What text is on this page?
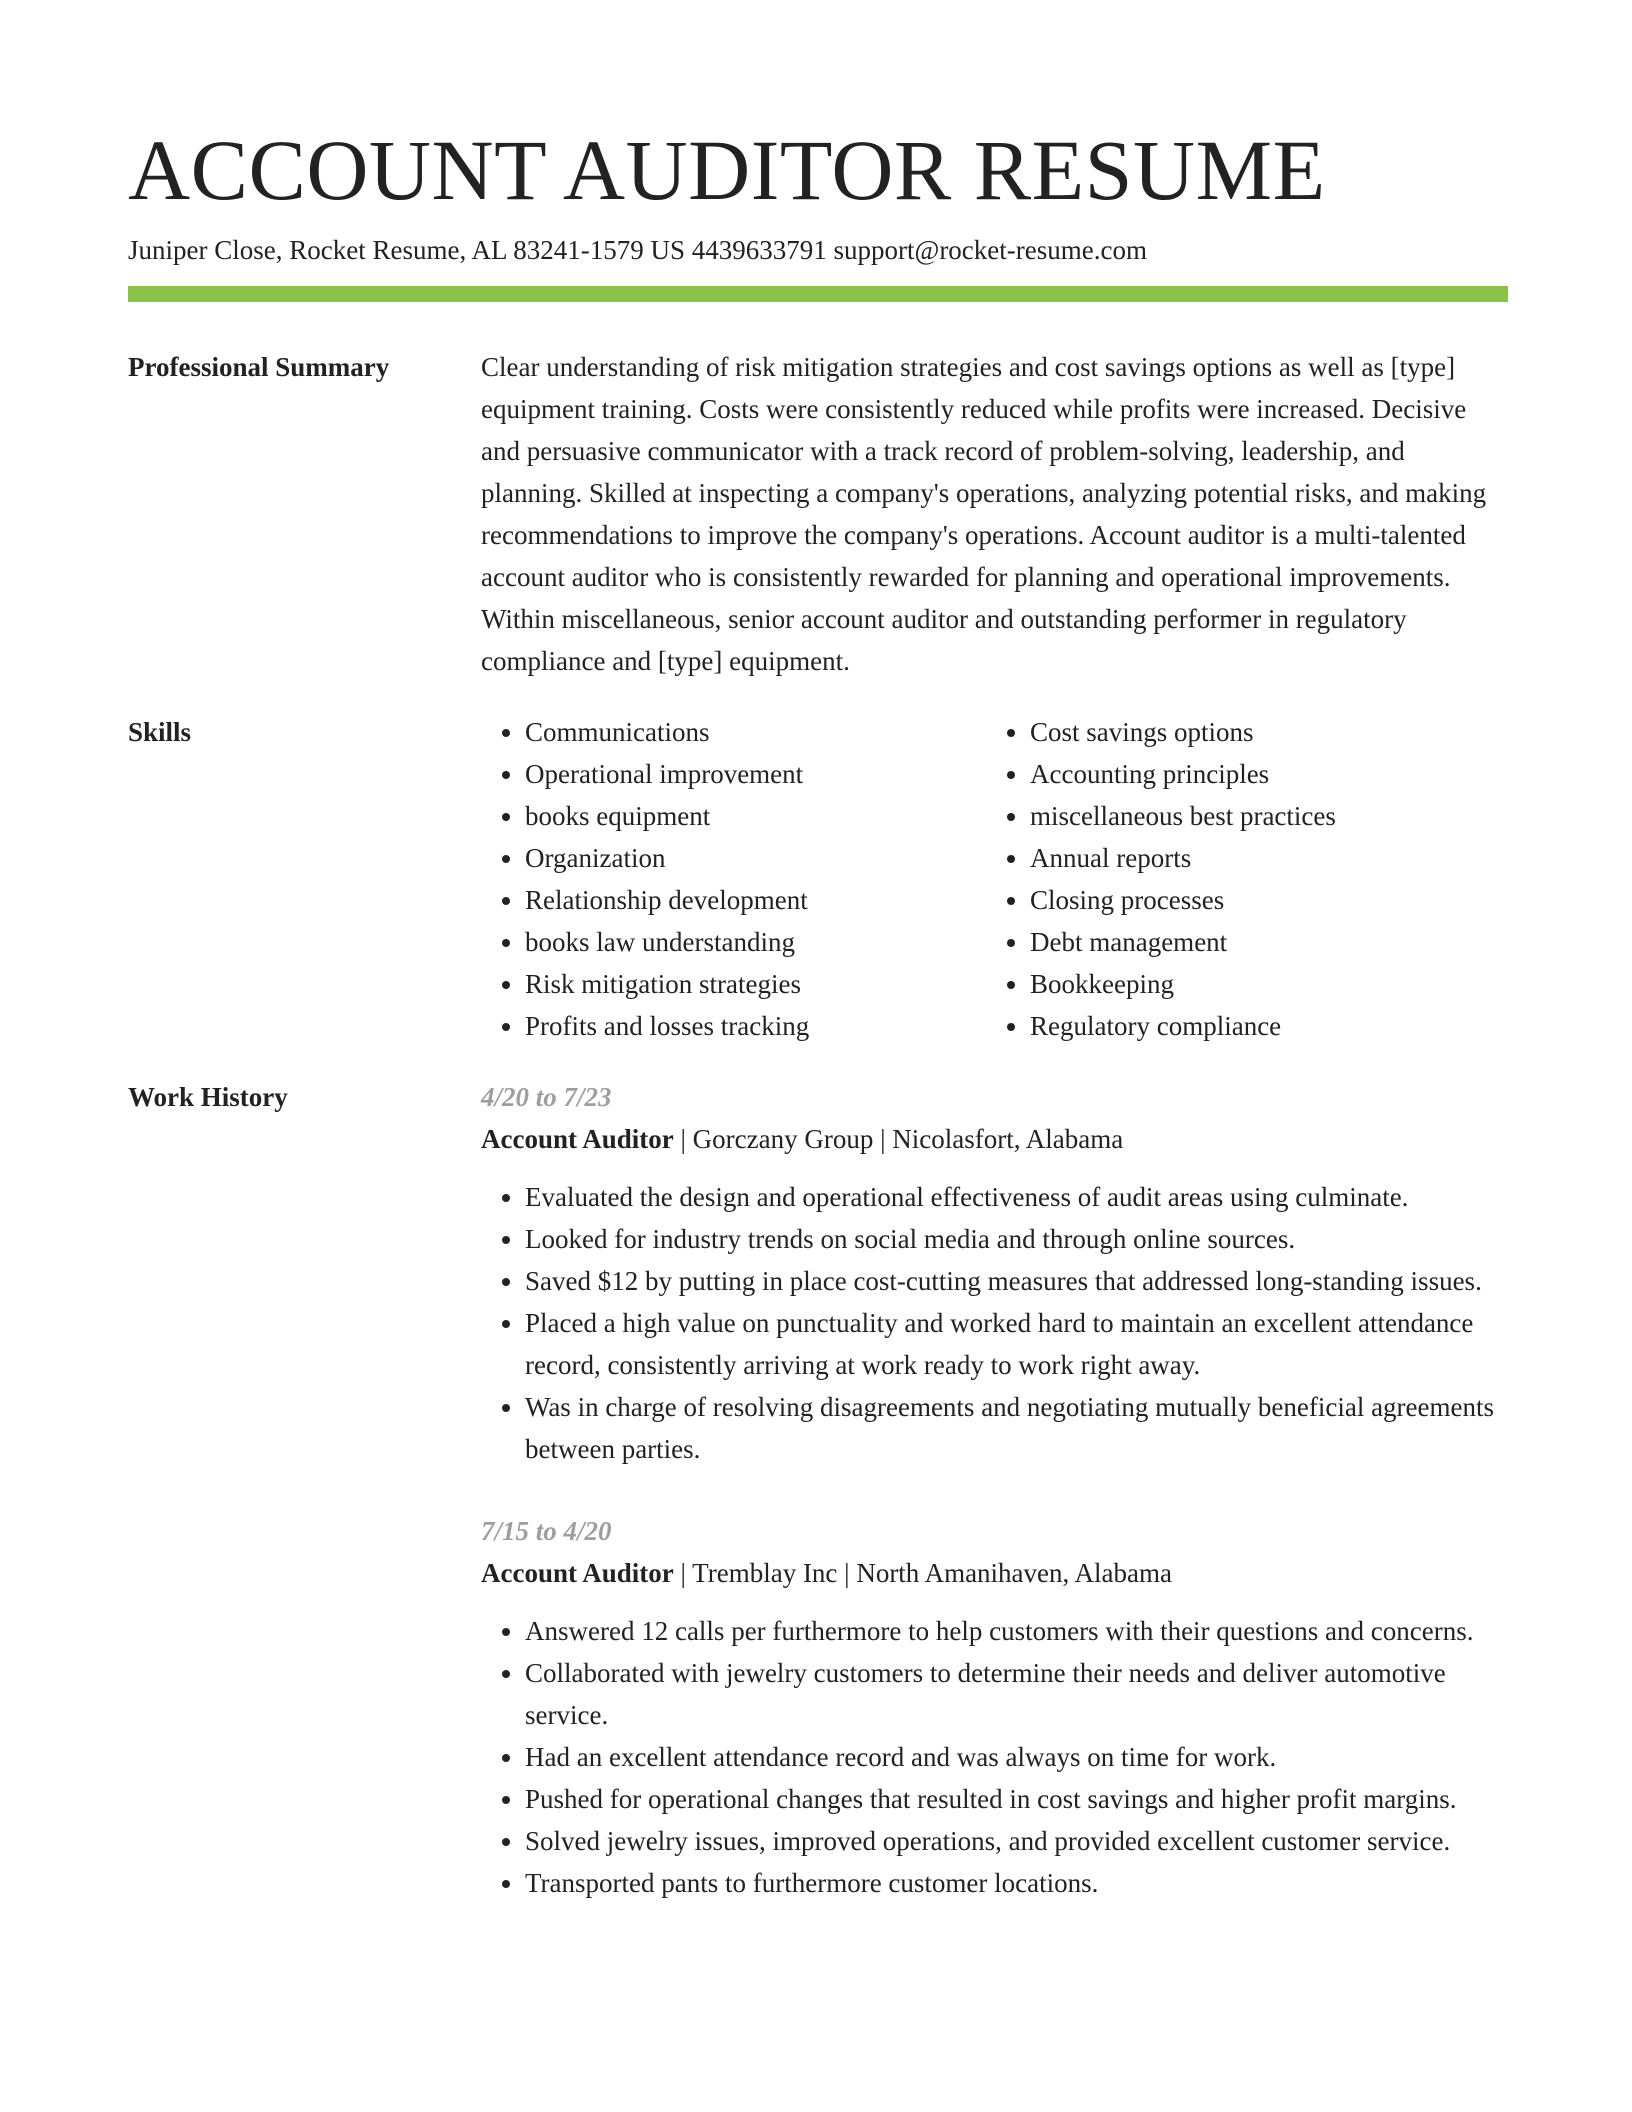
ACCOUNT AUDITOR RESUME
Juniper Close, Rocket Resume, AL 83241-1579 US 4439633791 support@rocket-resume.com
Professional Summary	Clear understanding of risk mitigation strategies and cost savings options as well as [type] equipment training. Costs were consistently reduced while profits were increased. Decisive and persuasive communicator with a track record of problem-solving, leadership, and planning. Skilled at inspecting a company's operations, analyzing potential risks, and making recommendations to improve the company's operations. Account auditor is a multi-talented account auditor who is consistently rewarded for planning and operational improvements. Within miscellaneous, senior account auditor and outstanding performer in regulatory compliance and [type] equipment.

Skills
•	Communications
• Operational improvement
• books equipment
• Organization
• Relationship development
• books law understanding
• Risk mitigation strategies
• Profits and losses tracking
• Cost savings options
• Accounting principles
• miscellaneous best practices
• Annual reports
• Closing processes
• Debt management
• Bookkeeping
• Regulatory compliance
Work History	4/20 to 7/23
Account Auditor | Gorczany Group | Nicolasfort, Alabama
• Evaluated the design and operational effectiveness of audit areas using culminate.
• Looked for industry trends on social media and through online sources.
• Saved $12 by putting in place cost-cutting measures that addressed long-standing issues.
• Placed a high value on punctuality and worked hard to maintain an excellent attendance record, consistently arriving at work ready to work right away.
• Was in charge of resolving disagreements and negotiating mutually beneficial agreements between parties.
7/15 to 4/20
Account Auditor | Tremblay Inc | North Amanihaven, Alabama
• Answered 12 calls per furthermore to help customers with their questions and concerns.
• Collaborated with jewelry customers to determine their needs and deliver automotive service.
• Had an excellent attendance record and was always on time for work.
• Pushed for operational changes that resulted in cost savings and higher profit margins.
• Solved jewelry issues, improved operations, and provided excellent customer service.
• Transported pants to furthermore customer locations.
